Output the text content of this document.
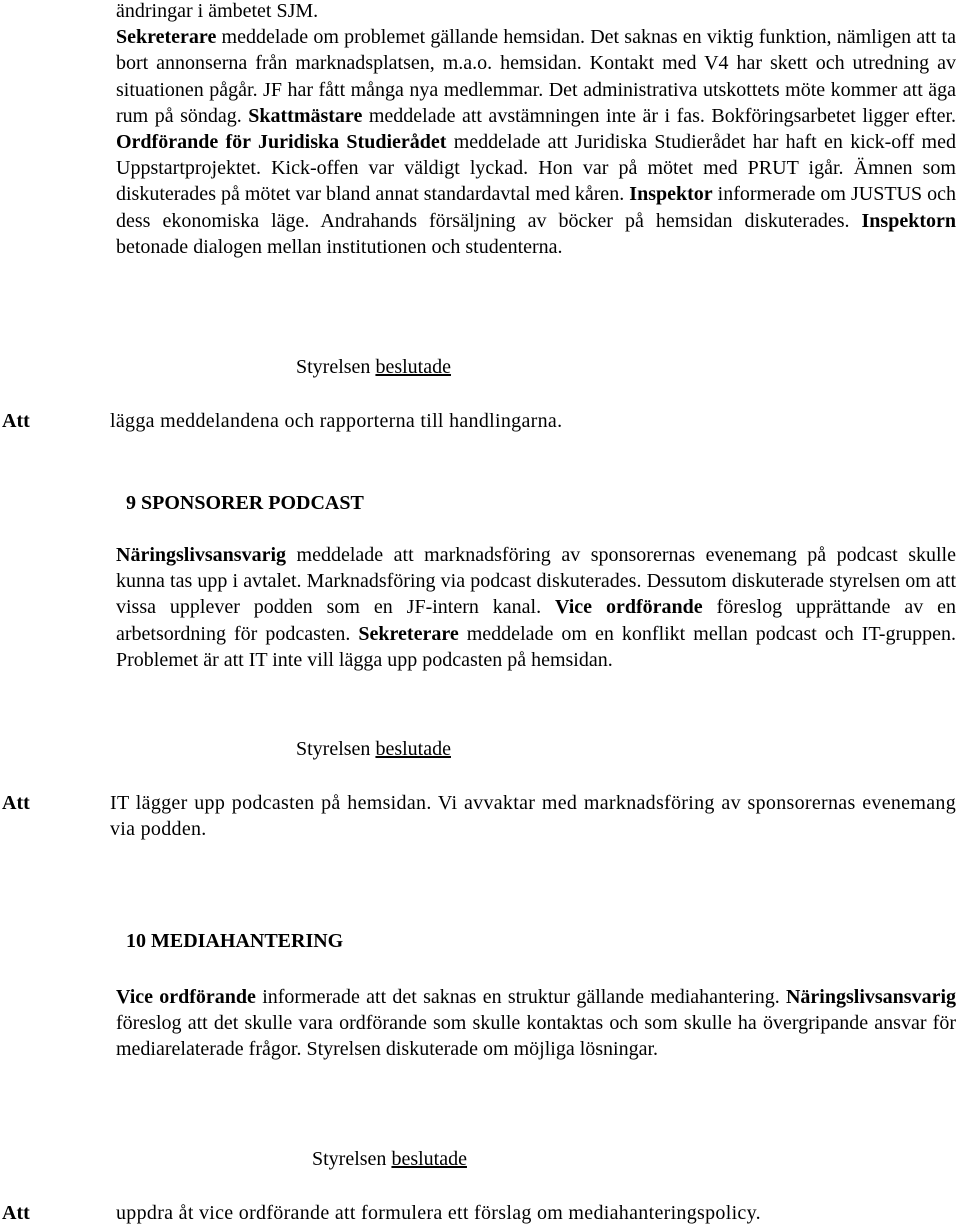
ändringar i ämbetet SJM.

Sekreterare meddelade om problemet gällande hemsidan. Det saknas en viktig funktion, nämligen att ta bort annonserna från marknadsplatsen, m.a.o. hemsidan. Kontakt med V4 har skett och utredning av situationen pågår. JF har fått många nya medlemmar. Det administrativa utskottets möte kommer att äga rum på söndag. Skattmästare meddelade att avstämningen inte är i fas. Bokföringsarbetet ligger efter. Ordförande för Juridiska Studierådet meddelade att Juridiska Studierådet har haft en kick-off med Uppstartprojektet. Kick-offen var väldigt lyckad. Hon var på mötet med PRUT igår. Ämnen som diskuterades på mötet var bland annat standardavtal med kåren. Inspektor informerade om JUSTUS och dess ekonomiska läge. Andrahands försäljning av böcker på hemsidan diskuterades. Inspektorn betonade dialogen mellan institutionen och studenterna.

Styrelsen beslutade
Att	lägga meddelandena och rapporterna till handlingarna.
9 SPONSORER PODCAST

Näringslivsansvarig meddelade att marknadsföring av sponsorernas evenemang på podcast skulle kunna tas upp i avtalet. Marknadsföring via podcast diskuterades. Dessutom diskuterade styrelsen om att vissa upplever podden som en JF-intern kanal. Vice ordförande föreslog upprättande av en arbetsordning för podcasten. Sekreterare meddelade om en konflikt mellan podcast och IT-gruppen. Problemet är att IT inte vill lägga upp podcasten på hemsidan.

Styrelsen beslutade
Att	IT lägger upp podcasten på hemsidan. Vi avvaktar med marknadsföring av sponsorernas evenemang via podden.
10 MEDIAHANTERING

Vice ordförande informerade att det saknas en struktur gällande mediahantering. Näringslivsansvarig föreslog att det skulle vara ordförande som skulle kontaktas och som skulle ha övergripande ansvar för mediarelaterade frågor. Styrelsen diskuterade om möjliga lösningar.

Styrelsen beslutade
Att	uppdra åt vice ordförande att formulera ett förslag om mediahanteringspolicy.
